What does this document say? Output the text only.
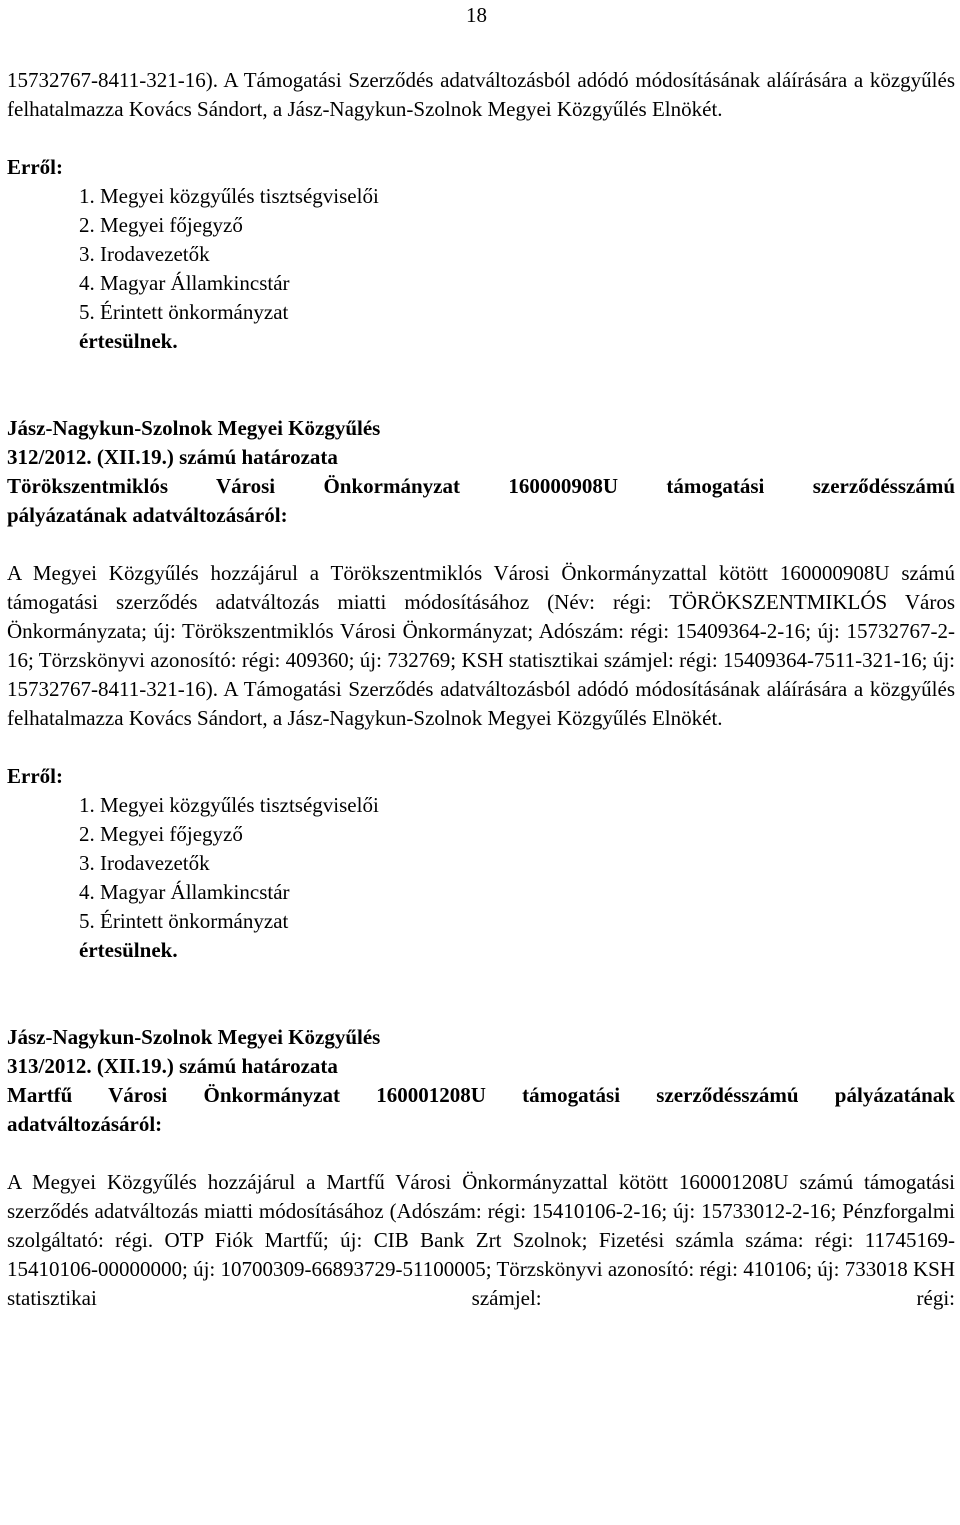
18

15732767-8411-321-16). A Támogatási Szerződés adatváltozásból adódó módosításának aláírására a közgyűlés felhatalmazza Kovács Sándort, a Jász-Nagykun-Szolnok Megyei Közgyűlés Elnökét.

Erről:

1. Megyei közgyűlés tisztségviselői
2. Megyei főjegyző
3. Irodavezetők
4. Magyar Államkincstár
5. Érintett önkormányzat

értesülnek.

Jász-Nagykun-Szolnok Megyei Közgyűlés

312/2012. (XII.19.) számú határozata

Törökszentmiklós Városi Önkormányzat 160000908U támogatási szerződésszámú

pályázatának adatváltozásáról:

A Megyei Közgyűlés hozzájárul a Törökszentmiklós Városi Önkormányzattal kötött 160000908U számú támogatási szerződés adatváltozás miatti módosításához (Név: régi: TÖRÖKSZENTMIKLÓS Város Önkormányzata; új: Törökszentmiklós Városi Önkormányzat; Adószám: régi: 15409364-2-16; új: 15732767-2-16; Törzskönyvi azonosító: régi: 409360; új: 732769; KSH statisztikai számjel: régi: 15409364-7511-321-16; új: 15732767-8411-321-16). A Támogatási Szerződés adatváltozásból adódó módosításának aláírására a közgyűlés felhatalmazza Kovács Sándort, a Jász-Nagykun-Szolnok Megyei Közgyűlés Elnökét.

Erről:

1. Megyei közgyűlés tisztségviselői
2. Megyei főjegyző
3. Irodavezetők
4. Magyar Államkincstár
5. Érintett önkormányzat

értesülnek.

Jász-Nagykun-Szolnok Megyei Közgyűlés

313/2012. (XII.19.) számú határozata

Martfű Városi Önkormányzat 160001208U támogatási szerződésszámú pályázatának

adatváltozásáról:

A Megyei Közgyűlés hozzájárul a Martfű Városi Önkormányzattal kötött 160001208U számú támogatási szerződés adatváltozás miatti módosításához (Adószám: régi: 15410106-2-16; új: 15733012-2-16; Pénzforgalmi szolgáltató: régi. OTP Fiók Martfű; új: CIB Bank Zrt Szolnok; Fizetési számla száma: régi: 11745169-15410106-00000000; új: 10700309-66893729-51100005; Törzskönyvi azonosító: régi: 410106; új: 733018 KSH statisztikai számjel: régi:
